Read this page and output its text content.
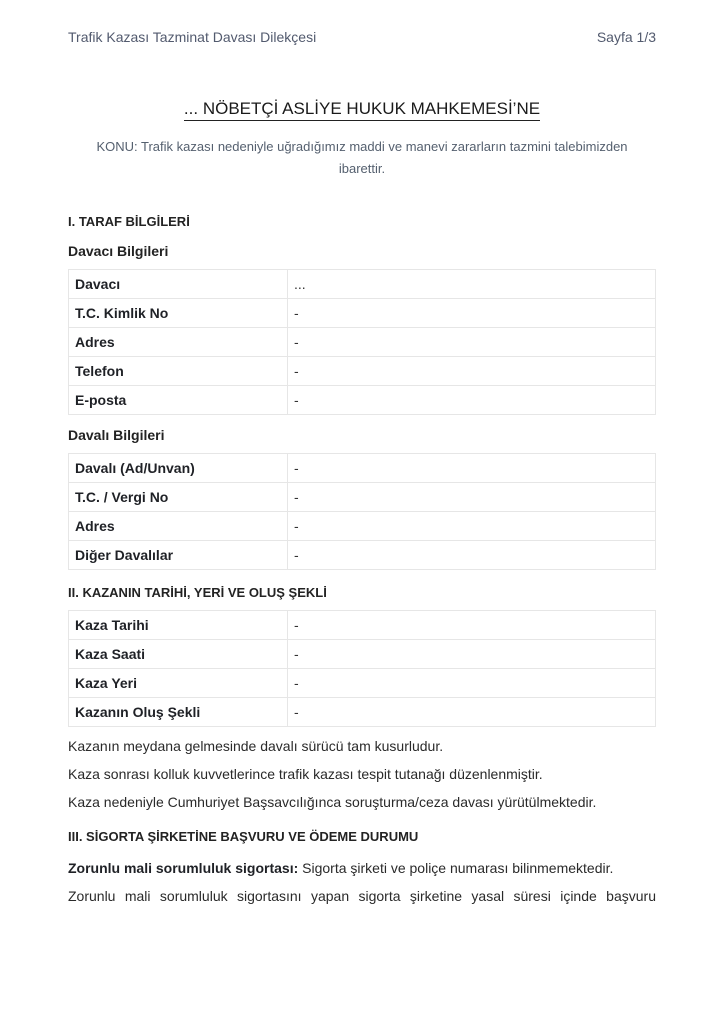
Trafik Kazası Tazminat Davası Dilekçesi	Sayfa 1/3
... NÖBETÇİ ASLİYE HUKUK MAHKEMESİ’NE
KONU: Trafik kazası nedeniyle uğradığımız maddi ve manevi zararların tazmini talebimizden ibarettir.
I. TARAF BİLGİLERİ
Davacı Bilgileri
Davacı	...
T.C. Kimlik No	-
Adres	-
Telefon	-
E-posta	-
Davalı Bilgileri
Davalı (Ad/Unvan)	-
T.C. / Vergi No	-
Adres	-
Diğer Davalılar	-
II. KAZANIN TARİHİ, YERİ VE OLUŞ ŞEKLİ
Kaza Tarihi	-
Kaza Saati	-
Kaza Yeri	-
Kazanın Oluş Şekli	-
Kazanın meydana gelmesinde davalı sürücü tam kusurludur.
Kaza sonrası kolluk kuvvetlerince trafik kazası tespit tutanağı düzenlenmiştir.
Kaza nedeniyle Cumhuriyet Başsavcılığınca soruşturma/ceza davası yürütülmektedir.
III. SİGORTA ŞİRKETİNE BAŞVURU VE ÖDEME DURUMU
Zorunlu mali sorumluluk sigortası: Sigorta şirketi ve poliçe numarası bilinmemektedir.
Zorunlu mali sorumluluk sigortasını yapan sigorta şirketine yasal süresi içinde başvuru
